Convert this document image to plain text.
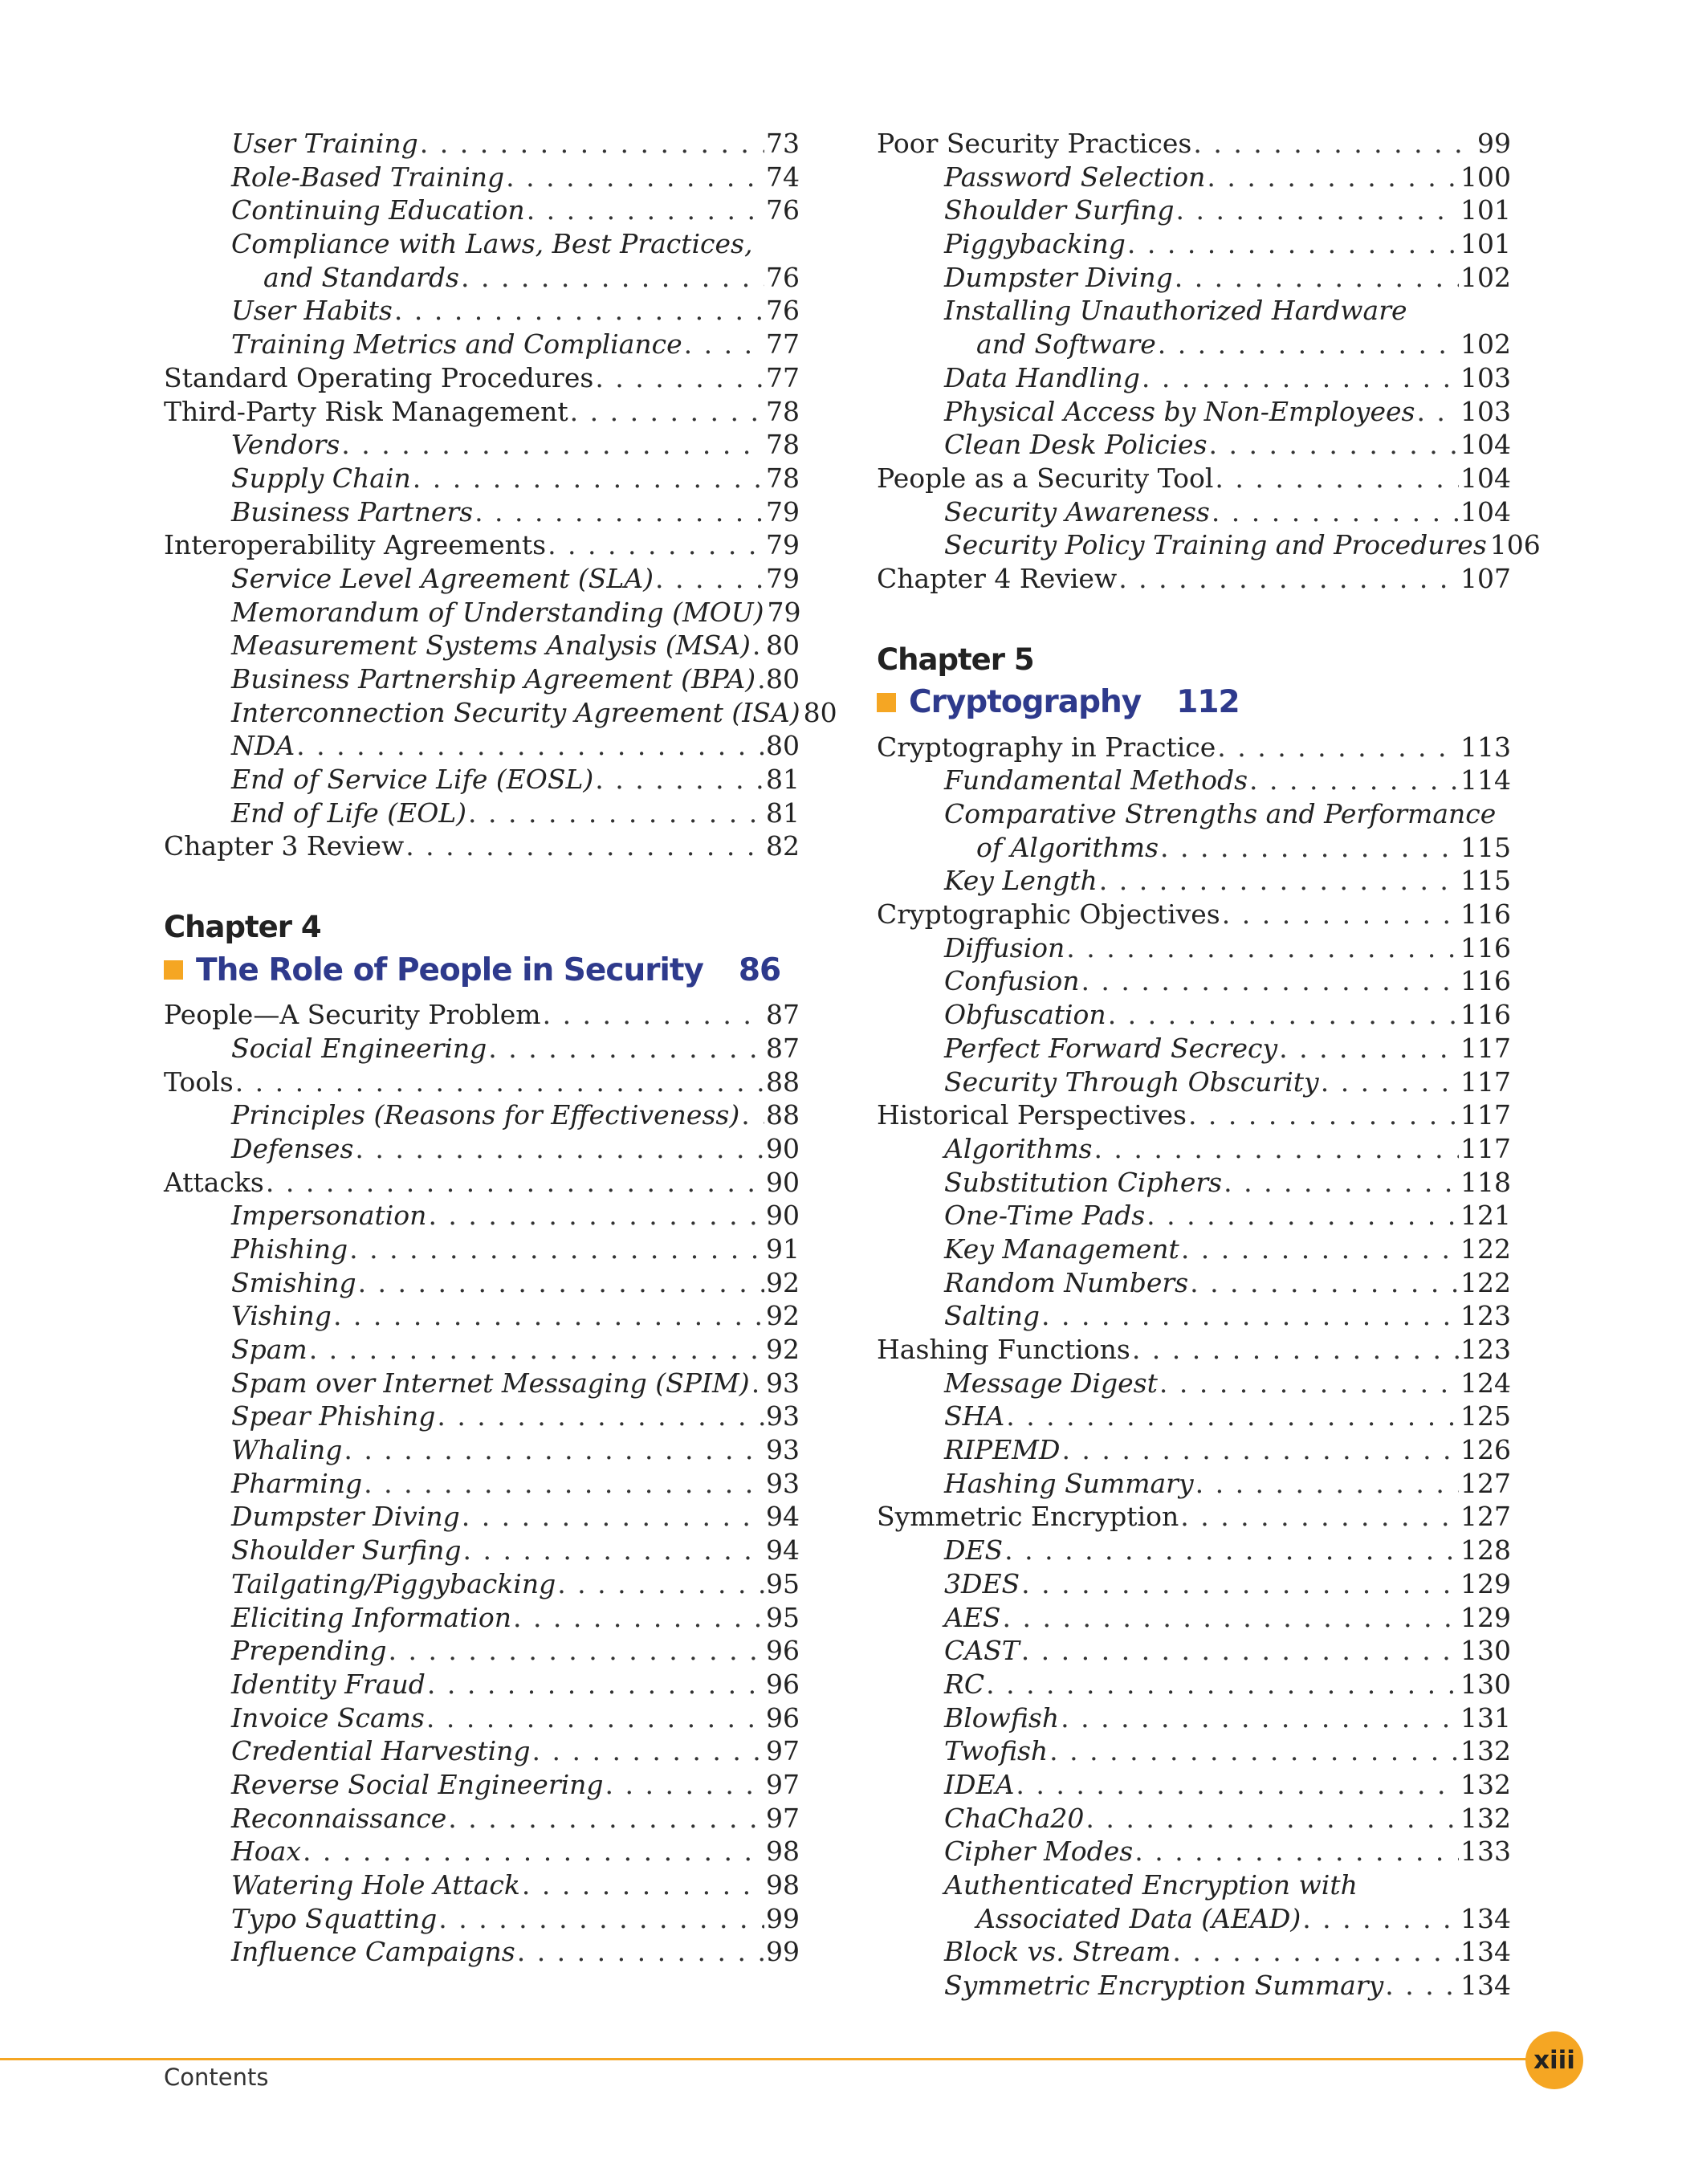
User Training . . .	73
Role-Based Training . . .	74
Continuing Education . . .	76
Compliance with Laws, Best Practices,
and Standards . . .	76
User Habits . . .	76
Training Metrics and Compliance . . .	77
Standard Operating Procedures . . .	77
Third-Party Risk Management . . .	78
Vendors . . .	78
Supply Chain . . .	78
Business Partners . . .	79
Interoperability Agreements . . .	79
Service Level Agreement (SLA) . . .	79
Memorandum of Understanding (MOU) 79
Measurement Systems Analysis (MSA) . . . 80
Business Partnership Agreement (BPA) . . . 80
Interconnection Security Agreement (ISA) 80
NDA . . .	80
End of Service Life (EOSL) . . .	81
End of Life (EOL) . . .	81
Chapter 3 Review . . .	82
Chapter 4
The Role of People in Security 86
People—A Security Problem . . .	87
Social Engineering . . .	87
Tools . . .	88
Principles (Reasons for Effectiveness) . . . 88
Defenses . . .	90
Attacks . . .	90
Impersonation . . .	90
Phishing . . .	91
Smishing . . .	92
Vishing . . .	92
Spam . . .	92
Spam over Internet Messaging (SPIM) . . . 93
Spear Phishing . . .	93
Whaling . . .	93
Pharming . . .	93
Dumpster Diving . . .	94
Shoulder Surfing . . .	94
Tailgating/Piggybacking . . .	95
Eliciting Information . . .	95
Prepending . . .	96
Identity Fraud . . .	96
Invoice Scams . . .	96
Credential Harvesting . . .	97
Reverse Social Engineering . . .	97
Reconnaissance . . .	97
Hoax . . .	98
Watering Hole Attack . . .	98
Typo Squatting . . .	99
Influence Campaigns . . .	99
Poor Security Practices . . .	99
Password Selection . . .	100
Shoulder Surfing . . .	101
Piggybacking . . .	101
Dumpster Diving . . .	102
Installing Unauthorized Hardware
and Software . . .	102
Data Handling . . .	103
Physical Access by Non-Employees . . . 103
Clean Desk Policies . . .	104
People as a Security Tool . . .	104
Security Awareness . . .	104
Security Policy Training and Procedures 106
Chapter 4 Review . . .	107
Chapter 5
Cryptography 112
Cryptography in Practice . . .	113
Fundamental Methods . . .	114
Comparative Strengths and Performance
of Algorithms . . .	115
Key Length . . .	115
Cryptographic Objectives . . .	116
Diffusion . . .	116
Confusion . . .	116
Obfuscation . . .	116
Perfect Forward Secrecy . . .	117
Security Through Obscurity . . .	117
Historical Perspectives . . .	117
Algorithms . . .	117
Substitution Ciphers . . .	118
One-Time Pads . . .	121
Key Management . . .	122
Random Numbers . . .	122
Salting . . .	123
Hashing Functions . . .	123
Message Digest . . .	124
SHA . . .	125
RIPEMD . . .	126
Hashing Summary . . .	127
Symmetric Encryption . . .	127
DES . . .	128
3DES . . .	129
AES . . .	129
CAST . . .	130
RC . . .	130
Blowfish . . .	131
Twofish . . .	132
IDEA . . .	132
ChaCha20 . . .	132
Cipher Modes . . .	133
Authenticated Encryption with
Associated Data (AEAD) . . .	134
Block vs. Stream . . .	134
Symmetric Encryption Summary . . .	134
Contents
xiii
